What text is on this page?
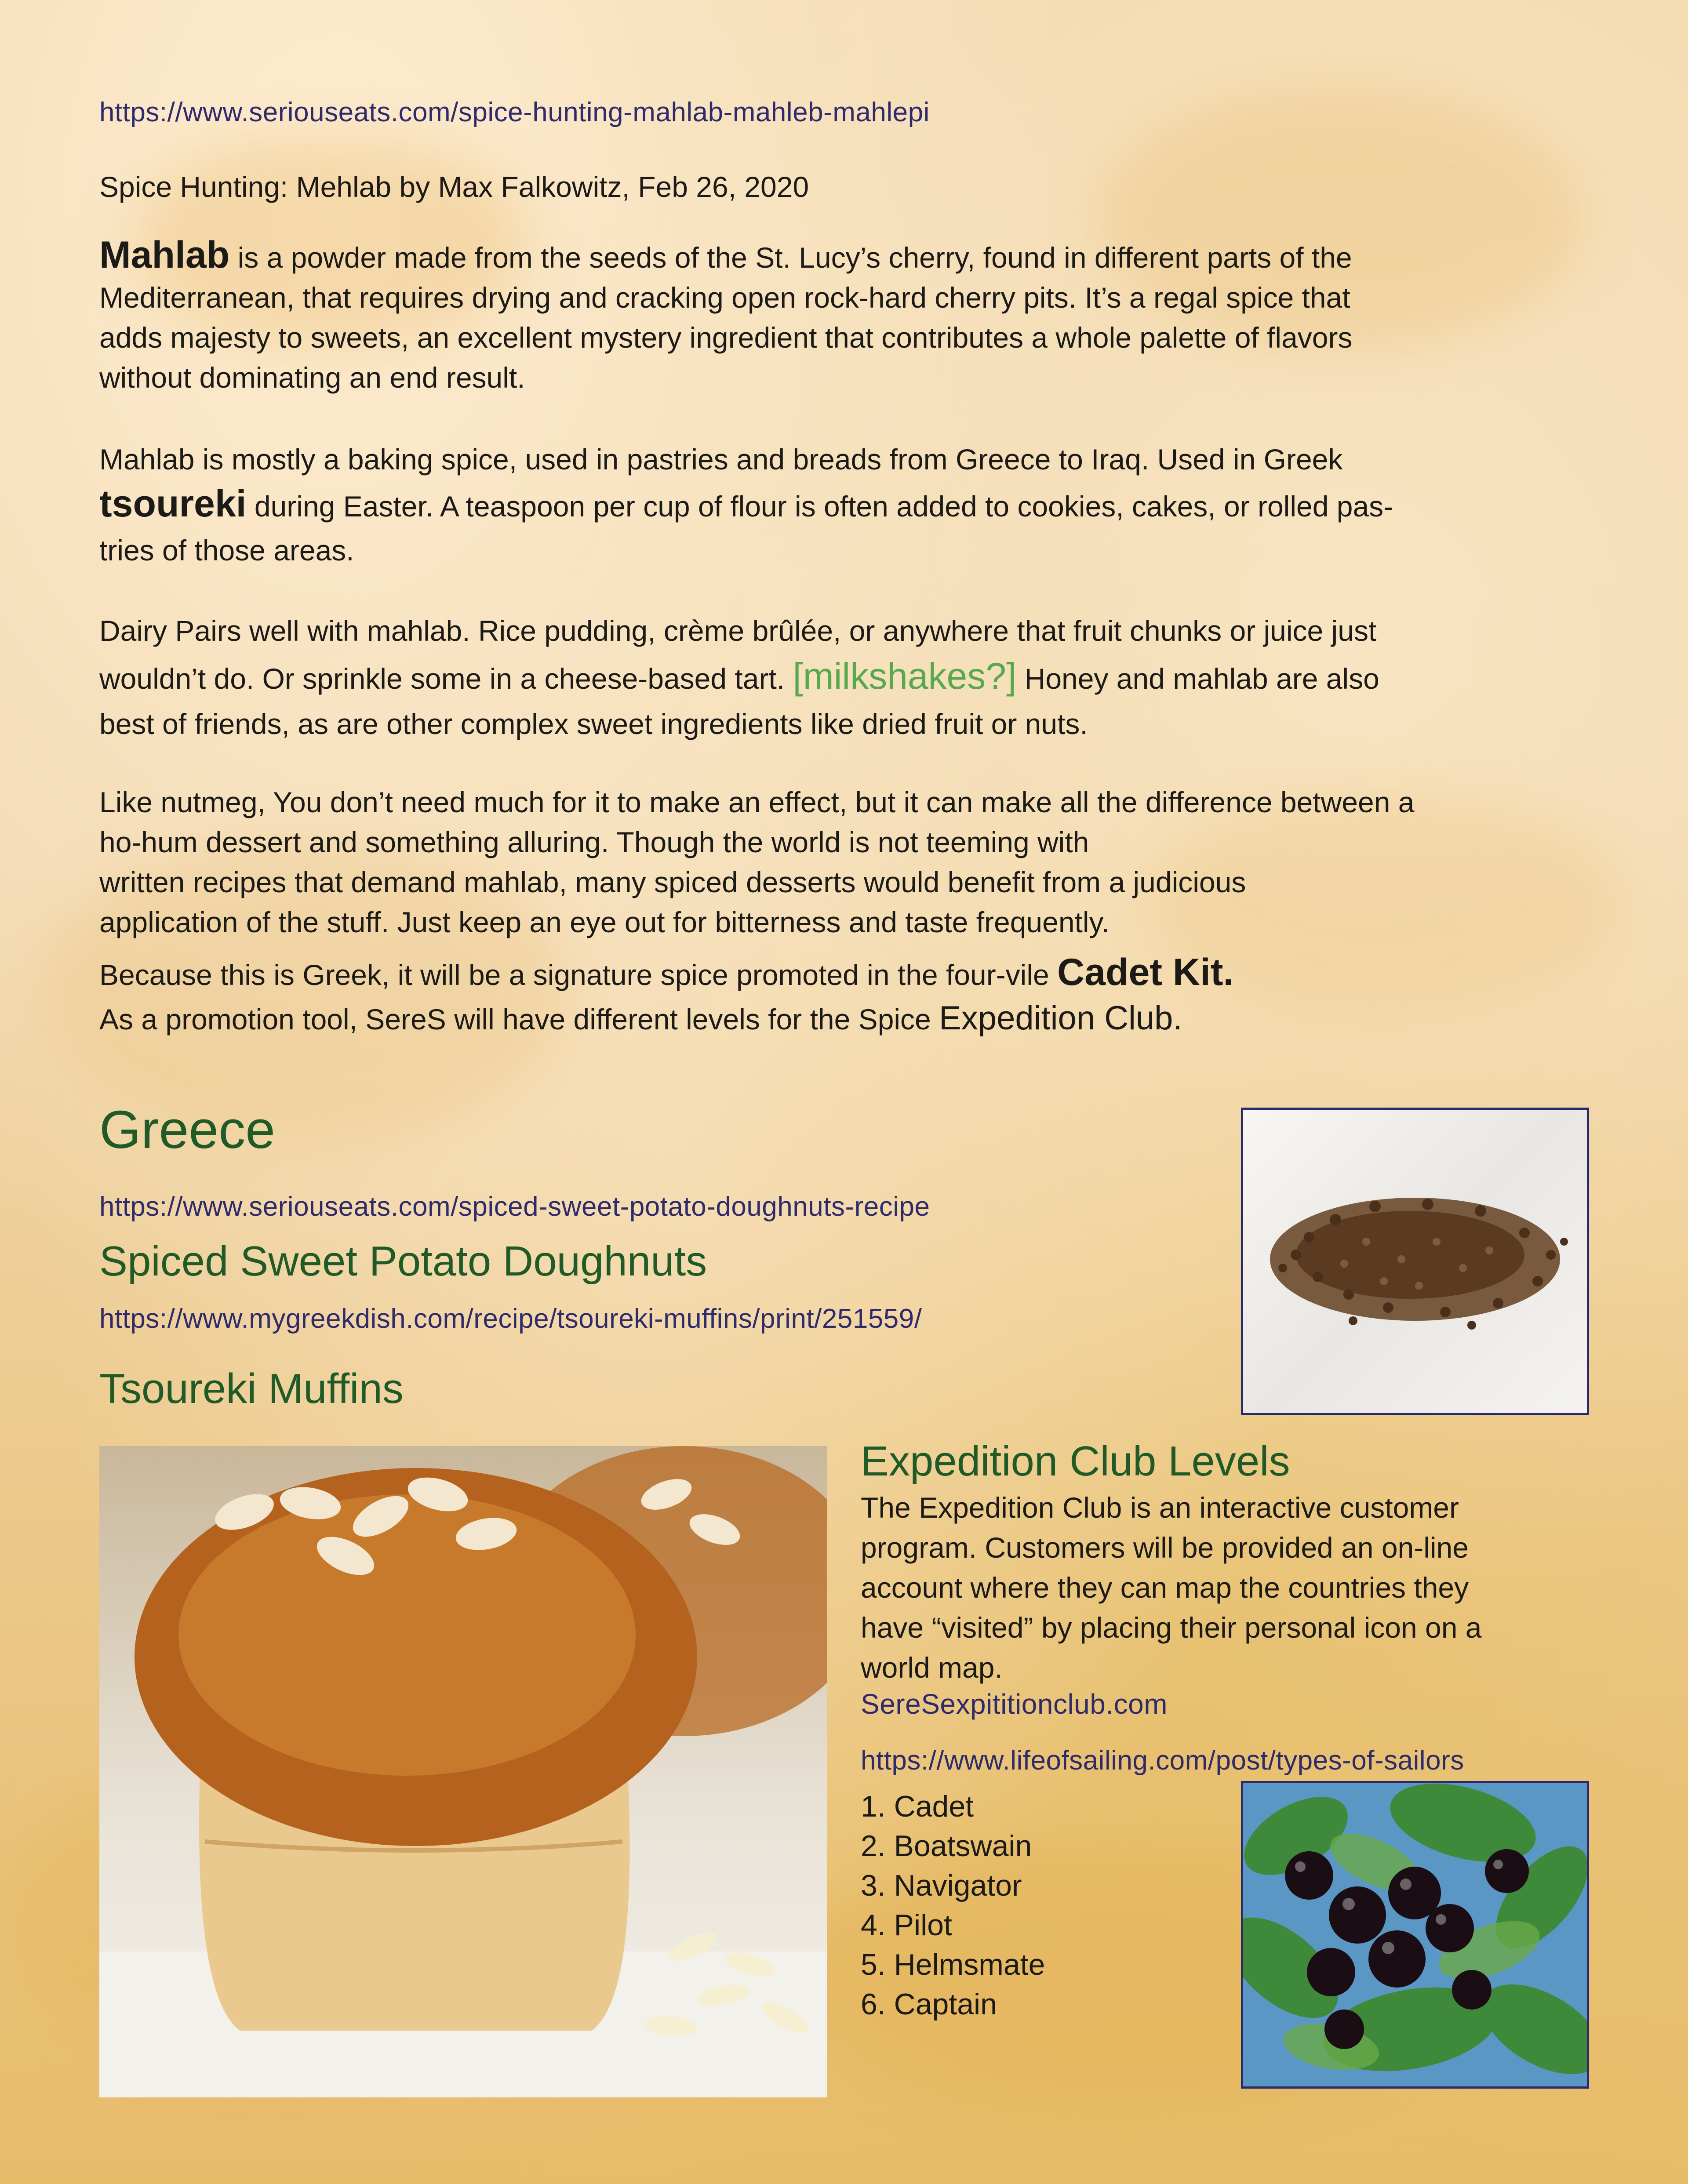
https://www.seriouseats.com/spice-hunting-mahlab-mahleb-mahlepi
Spice Hunting: Mehlab by Max Falkowitz, Feb 26, 2020
Mahlab is a powder made from the seeds of the St. Lucy’s cherry, found in different parts of the
Mediterranean, that requires drying and cracking open rock-hard cherry pits. It’s a regal spice that
adds majesty to sweets, an excellent mystery ingredient that contributes a whole palette of flavors
without dominating an end result.
Mahlab is mostly a baking spice, used in pastries and breads from Greece to Iraq. Used in Greek
tsoureki during Easter. A teaspoon per cup of flour is often added to cookies, cakes, or rolled pas-
tries of those areas.
Dairy Pairs well with mahlab. Rice pudding, crème brûlée, or anywhere that fruit chunks or juice just
wouldn’t do. Or sprinkle some in a cheese-based tart. [milkshakes?] Honey and mahlab are also
best of friends, as are other complex sweet ingredients like dried fruit or nuts.
Like nutmeg, You don’t need much for it to make an effect, but it can make all the difference between a
ho-hum dessert and something alluring. Though the world is not teeming with
written recipes that demand mahlab, many spiced desserts would benefit from a judicious
application of the stuff. Just keep an eye out for bitterness and taste frequently.
Because this is Greek, it will be a signature spice promoted in the four-vile Cadet Kit.
As a promotion tool, SereS will have different levels for the Spice Expedition Club.
Greece
https://www.seriouseats.com/spiced-sweet-potato-doughnuts-recipe
Spiced Sweet Potato Doughnuts
https://www.mygreekdish.com/recipe/tsoureki-muffins/print/251559/
Tsoureki Muffins
Expedition Club Levels
The Expedition Club is an interactive customer
program. Customers will be provided an on-line
account where they can map the countries they
have “visited” by placing their personal icon on a
world map.
SereSexpititionclub.com
https://www.lifeofsailing.com/post/types-of-sailors
1. Cadet
2. Boatswain
3. Navigator
4. Pilot
5. Helmsmate
6. Captain
